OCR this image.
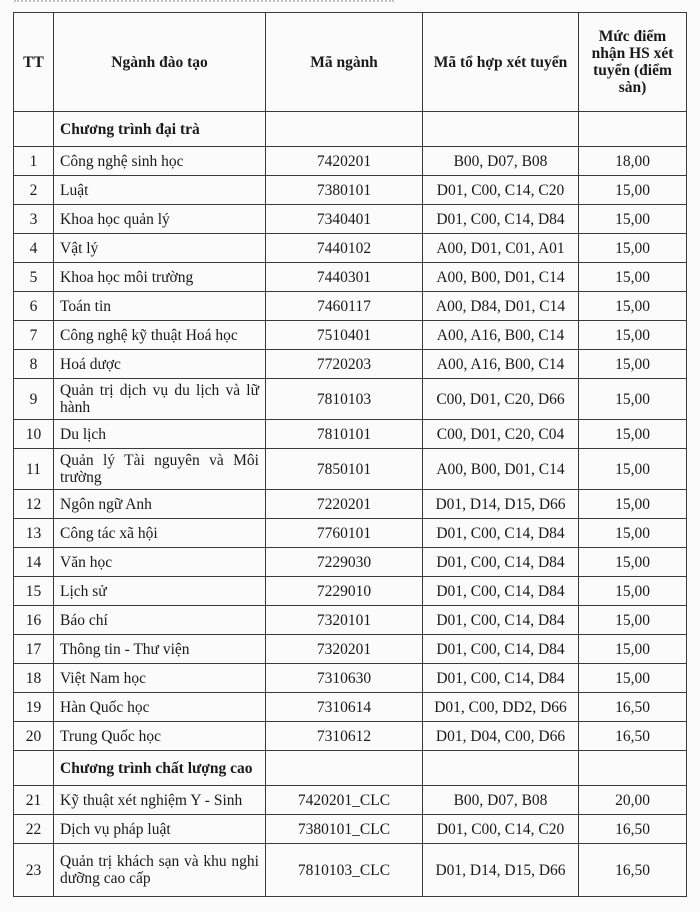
TT	Ngành đào tạo	Mã ngành	Mã tổ hợp xét tuyển	Mức điểm nhận HS xét tuyển (điểm sàn)
	Chương trình đại trà			
1	Công nghệ sinh học	7420201	B00, D07, B08	18,00
2	Luật	7380101	D01, C00, C14, C20	15,00
3	Khoa học quản lý	7340401	D01, C00, C14, D84	15,00
4	Vật lý	7440102	A00, D01, C01, A01	15,00
5	Khoa học môi trường	7440301	A00, B00, D01, C14	15,00
6	Toán tin	7460117	A00, D84, D01, C14	15,00
7	Công nghệ kỹ thuật Hoá học	7510401	A00, A16, B00, C14	15,00
8	Hoá dược	7720203	A00, A16, B00, C14	15,00
9	Quản trị dịch vụ du lịch và lữ hành	7810103	C00, D01, C20, D66	15,00
10	Du lịch	7810101	C00, D01, C20, C04	15,00
11	Quản lý Tài nguyên và Môi trường	7850101	A00, B00, D01, C14	15,00
12	Ngôn ngữ Anh	7220201	D01, D14, D15, D66	15,00
13	Công tác xã hội	7760101	D01, C00, C14, D84	15,00
14	Văn học	7229030	D01, C00, C14, D84	15,00
15	Lịch sử	7229010	D01, C00, C14, D84	15,00
16	Báo chí	7320101	D01, C00, C14, D84	15,00
17	Thông tin - Thư viện	7320201	D01, C00, C14, D84	15,00
18	Việt Nam học	7310630	D01, C00, C14, D84	15,00
19	Hàn Quốc học	7310614	D01, C00, DD2, D66	16,50
20	Trung Quốc học	7310612	D01, D04, C00, D66	16,50
	Chương trình chất lượng cao			
21	Kỹ thuật xét nghiệm Y - Sinh	7420201_CLC	B00, D07, B08	20,00
22	Dịch vụ pháp luật	7380101_CLC	D01, C00, C14, C20	16,50
23	Quản trị khách sạn và khu nghi dưỡng cao cấp	7810103_CLC	D01, D14, D15, D66	16,50
